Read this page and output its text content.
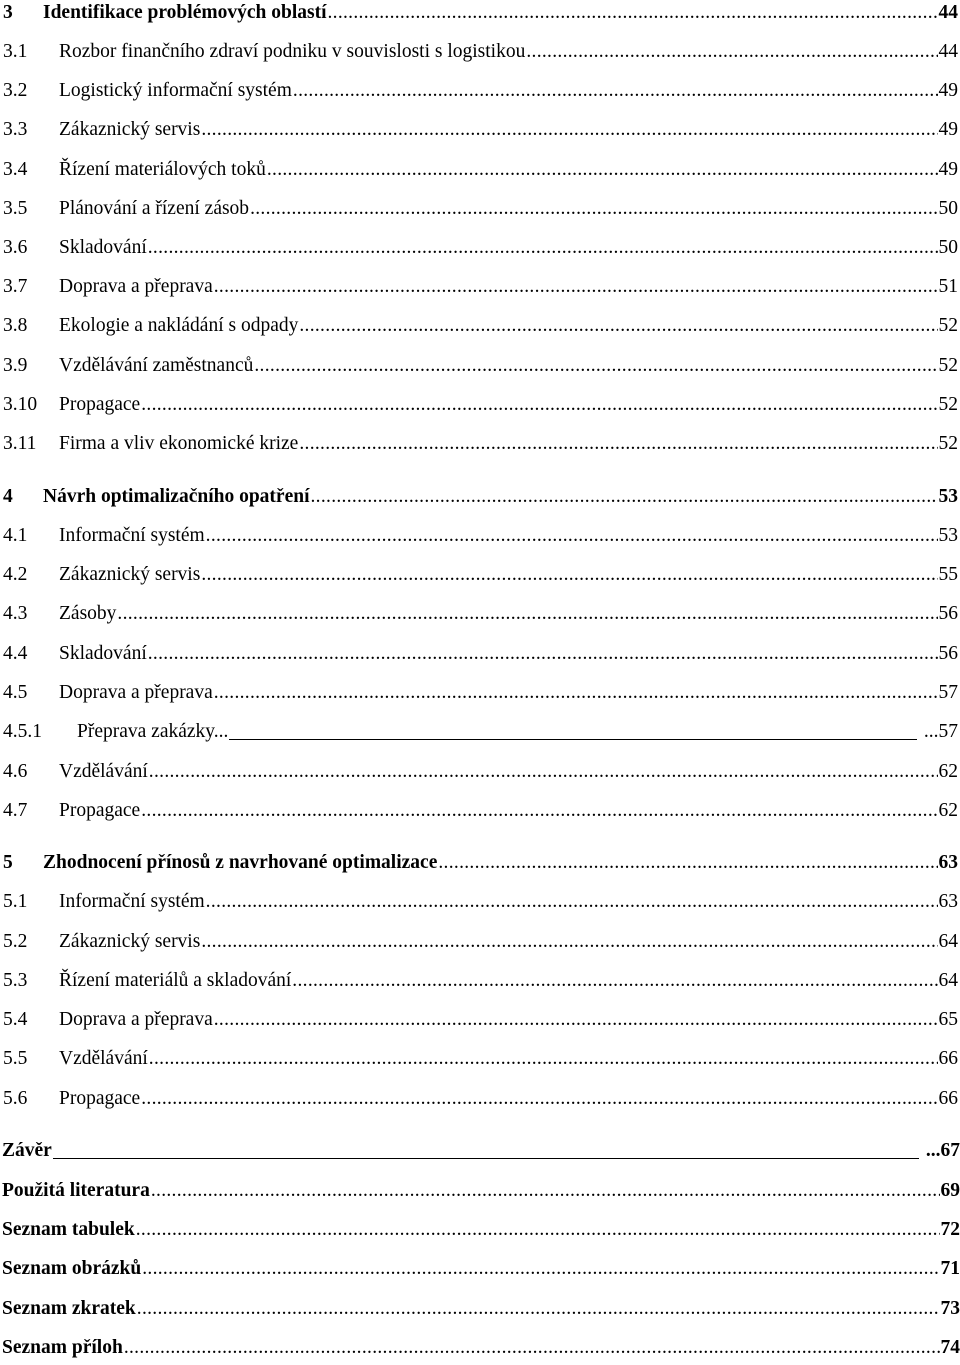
3	Identifikace problémových oblastí .....	44
3.1	Rozbor finančního zdraví podniku v souvislosti s logistikou .....	44
3.2	Logistický informační systém .....	49
3.3	Zákaznický servis .....	49
3.4	Řízení materiálových toků .....	49
3.5	Plánování a řízení zásob .....	50
3.6	Skladování .....	50
3.7	Doprava a přeprava .....	51
3.8	Ekologie a nakládání s odpady .....	52
3.9	Vzdělávání zaměstnanců .....	52
3.10	Propagace .....	52
3.11	Firma a vliv ekonomické krize .....	52
4	Návrh optimalizačního opatření .....	53
4.1	Informační systém .....	53
4.2	Zákaznický servis .....	55
4.3	Zásoby .....	56
4.4	Skladování .....	56
4.5	Doprava a přeprava .....	57
4.5.1	Přeprava zakázky... ...	57
4.6	Vzdělávání .....	62
4.7	Propagace .....	62
5	Zhodnocení přínosů z navrhované optimalizace .....	63
5.1	Informační systém .....	63
5.2	Zákaznický servis .....	64
5.3	Řízení materiálů a skladování .....	64
5.4	Doprava a přeprava .....	65
5.5	Vzdělávání .....	66
5.6	Propagace .....	66
Závěr ...	67
Použitá literatura .....	69
Seznam tabulek .....	72
Seznam obrázků .....	71
Seznam zkratek .....	73
Seznam příloh .....	74
